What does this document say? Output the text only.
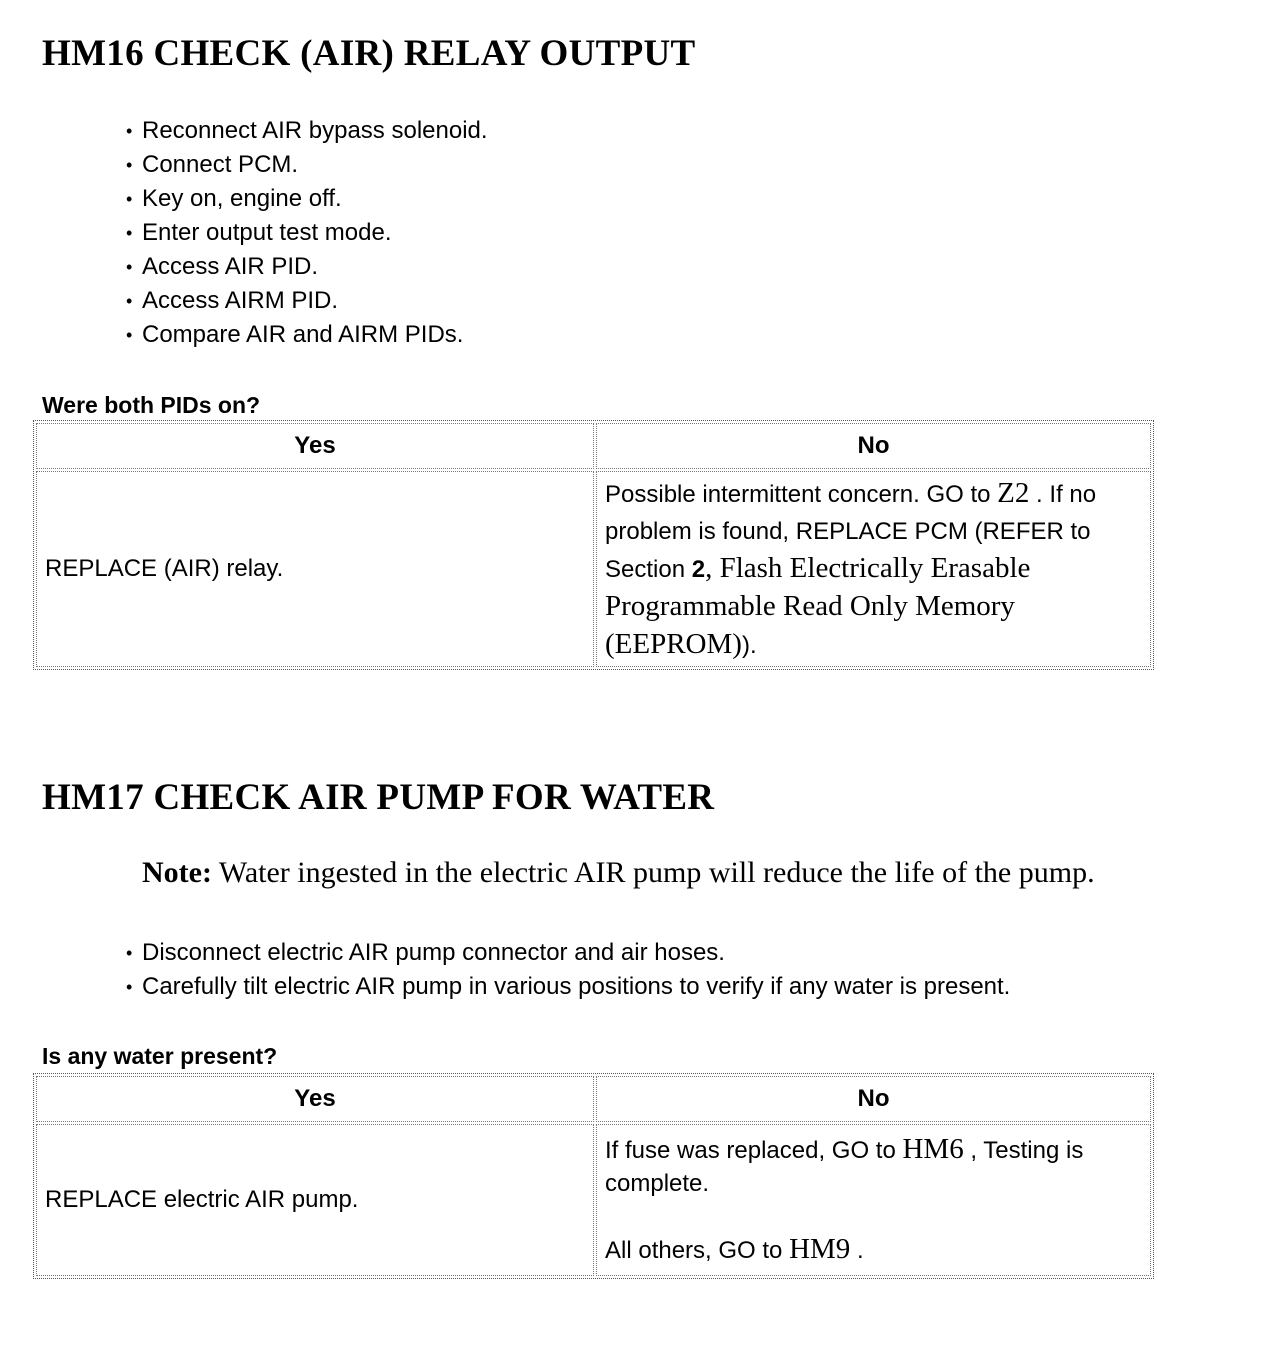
HM16 CHECK (AIR) RELAY OUTPUT
• Reconnect AIR bypass solenoid.
• Connect PCM.
• Key on, engine off.
• Enter output test mode.
• Access AIR PID.
• Access AIRM PID.
• Compare AIR and AIRM PIDs.

Were both PIDs on?

Yes	No
REPLACE (AIR) relay.	Possible intermittent concern. GO to Z2 . If no problem is found, REPLACE PCM (REFER to Section 2, Flash Electrically Erasable Programmable Read Only Memory (EEPROM)).
HM17 CHECK AIR PUMP FOR WATER

Note: Water ingested in the electric AIR pump will reduce the life of the pump.

• Disconnect electric AIR pump connector and air hoses.
• Carefully tilt electric AIR pump in various positions to verify if any water is present.

Is any water present?

Yes	No
REPLACE electric AIR pump.	If fuse was replaced, GO to HM6 , Testing is complete.
All others, GO to HM9 .
